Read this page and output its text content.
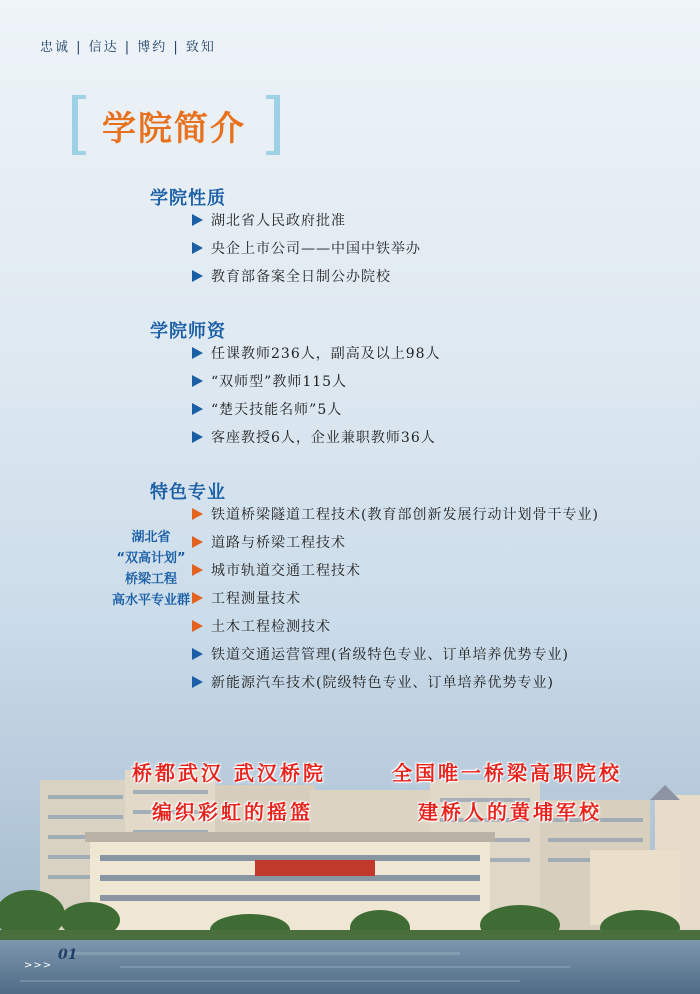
忠诚 | 信达 | 博约 | 致知
学院简介
学院性质
湖北省人民政府批准
央企上市公司——中国中铁举办
教育部备案全日制公办院校
学院师资
任课教师236人，副高及以上98人
“双师型”教师115人
“楚天技能名师”5人
客座教授6人，企业兼职教师36人
特色专业
铁道桥梁隧道工程技术(教育部创新发展行动计划骨干专业)
道路与桥梁工程技术
城市轨道交通工程技术
工程测量技术
土木工程检测技术
铁道交通运营管理(省级特色专业、订单培养优势专业)
新能源汽车技术(院级特色专业、订单培养优势专业)
湖北省
“双高计划”
桥梁工程
高水平专业群
桥都武汉 武汉桥院	全国唯一桥梁高职院校
编织彩虹的摇篮	建桥人的黄埔军校
>>>
01
